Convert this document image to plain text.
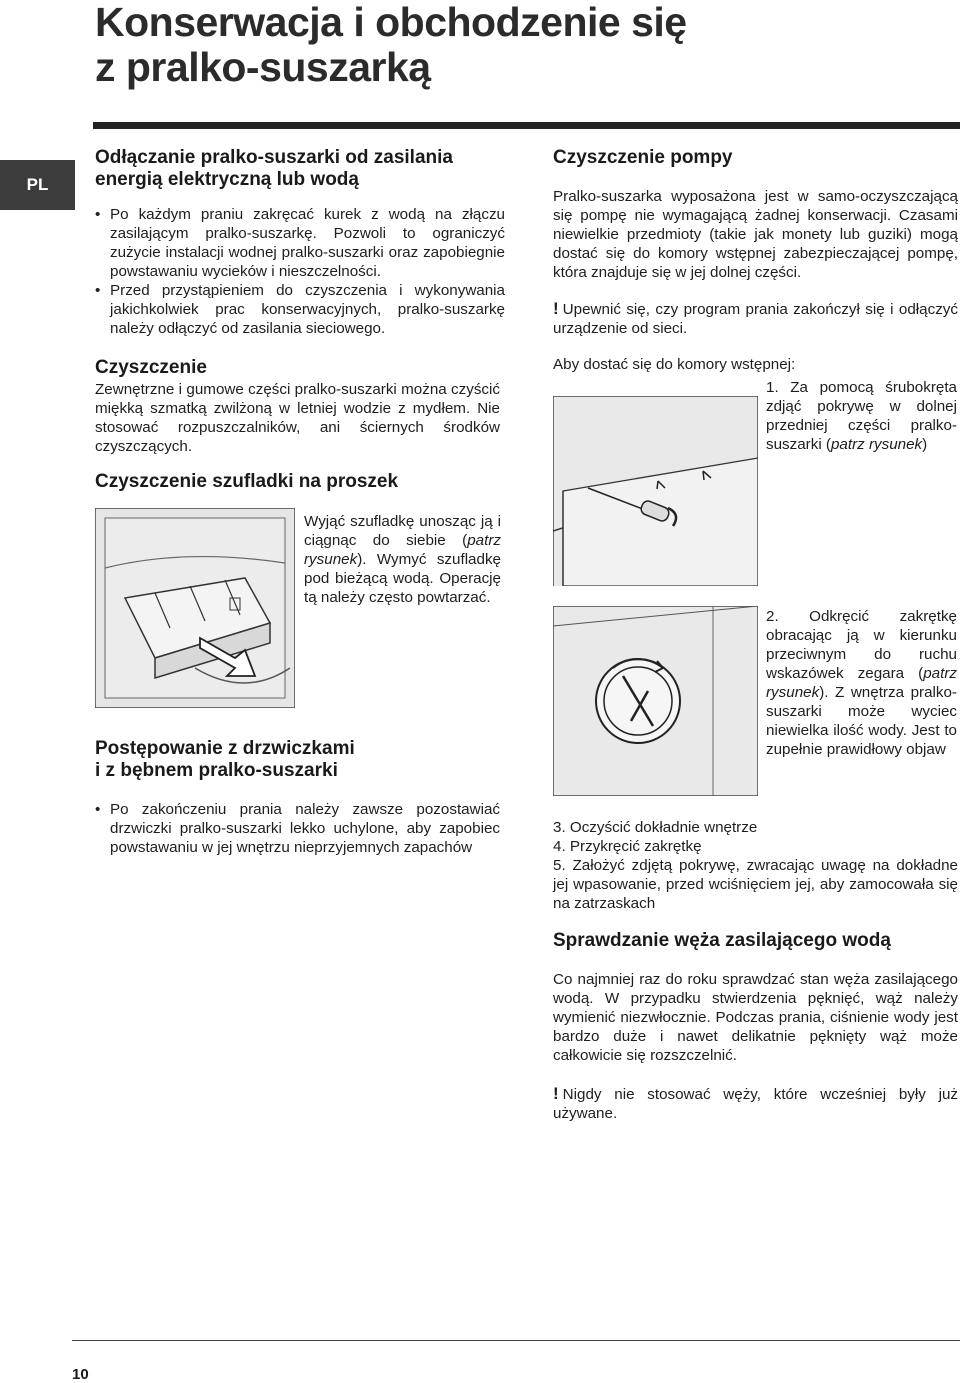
Konserwacja i obchodzenie się
z pralko-suszarką
PL
Odłączanie pralko-suszarki od zasilania
energią elektryczną lub wodą
• Po każdym praniu zakręcać kurek z wodą na złączu zasilającym pralko-suszarkę. Pozwoli to ograniczyć zużycie instalacji wodnej pralko-suszarki oraz zapobiegnie powstawaniu wycieków i nieszczelności.
• Przed przystąpieniem do czyszczenia i wykonywania jakichkolwiek prac konserwacyjnych, pralko-suszarkę należy odłączyć od zasilania sieciowego.
Czyszczenie

Zewnętrzne i gumowe części pralko-suszarki można czyścić miękką szmatką zwilżoną w letniej wodzie z mydłem. Nie stosować rozpuszczalników, ani ściernych środków czyszczących.

Czyszczenie szufladki na proszek

Wyjąć szufladkę unosząc ją i ciągnąc do siebie (patrz rysunek). Wymyć szufladkę pod bieżącą wodą. Operację tą należy często powtarzać.

Postępowanie z drzwiczkami
i z bębnem pralko-suszarki
• Po zakończeniu prania należy zawsze pozostawiać drzwiczki pralko-suszarki lekko uchylone, aby zapobiec powstawaniu w jej wnętrzu nieprzyjemnych zapachów
Czyszczenie pompy

Pralko-suszarka wyposażona jest w samo-oczyszczającą się pompę nie wymagającą żadnej konserwacji. Czasami niewielkie przedmioty (takie jak monety lub guziki) mogą dostać się do komory wstępnej zabezpieczającej pompę, która znajduje się w jej dolnej części.

! Upewnić się, czy program prania zakończył się i odłączyć urządzenie od sieci.

Aby dostać się do komory wstępnej:

1. Za pomocą śrubokręta zdjąć pokrywę w dolnej przedniej części pralko-suszarki (patrz rysunek)

2. Odkręcić zakrętkę obracając ją w kierunku przeciwnym do ruchu wskazówek zegara (patrz rysunek). Z wnętrza pralko-suszarki może wyciec niewielka ilość wody. Jest to zupełnie prawidłowy objaw

3. Oczyścić dokładnie wnętrze

4. Przykręcić zakrętkę

5. Założyć zdjętą pokrywę, zwracając uwagę na dokładne jej wpasowanie, przed wciśnięciem jej, aby zamocowała się na zatrzaskach

Sprawdzanie węża zasilającego wodą

Co najmniej raz do roku sprawdzać stan węża zasilającego wodą. W przypadku stwierdzenia pęknięć, wąż należy wymienić niezwłocznie. Podczas prania, ciśnienie wody jest bardzo duże i nawet delikatnie pęknięty wąż może całkowicie się rozszczelnić.

! Nigdy nie stosować węży, które wcześniej były już używane.

10
